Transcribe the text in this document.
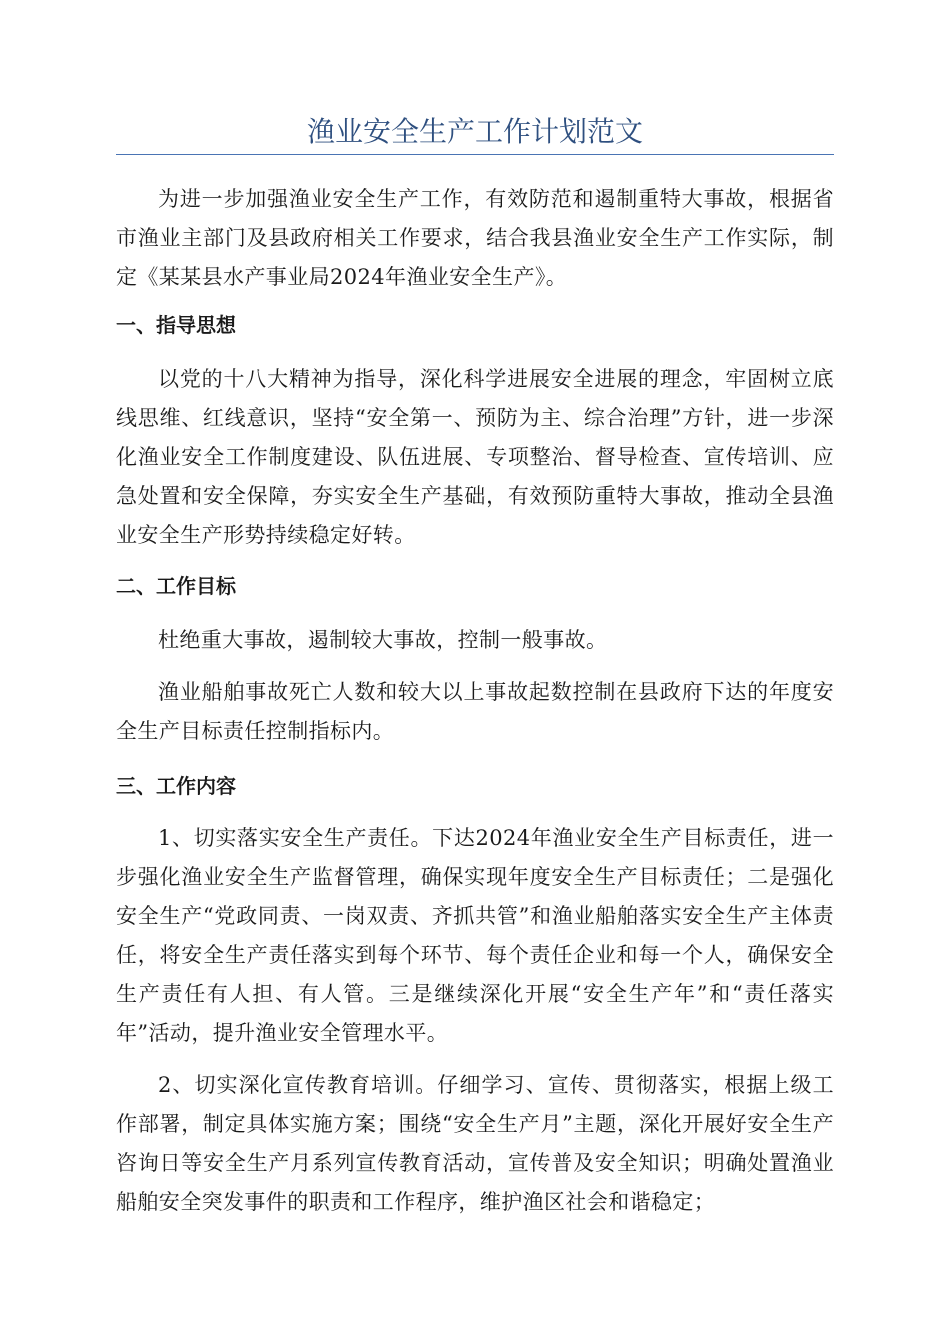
渔业安全生产工作计划范文

为进一步加强渔业安全生产工作，有效防范和遏制重特大事故，根据省市渔业主部门及县政府相关工作要求，结合我县渔业安全生产工作实际，制定《某某县水产事业局2024年渔业安全生产》。

一、指导思想

以党的十八大精神为指导，深化科学进展安全进展的理念，牢固树立底线思维、红线意识，坚持“安全第一、预防为主、综合治理”方针，进一步深化渔业安全工作制度建设、队伍进展、专项整治、督导检查、宣传培训、应急处置和安全保障，夯实安全生产基础，有效预防重特大事故，推动全县渔业安全生产形势持续稳定好转。

二、工作目标

杜绝重大事故，遏制较大事故，控制一般事故。

渔业船舶事故死亡人数和较大以上事故起数控制在县政府下达的年度安全生产目标责任控制指标内。

三、工作内容

1、切实落实安全生产责任。下达2024年渔业安全生产目标责任，进一步强化渔业安全生产监督管理，确保实现年度安全生产目标责任；二是强化安全生产“党政同责、一岗双责、齐抓共管”和渔业船舶落实安全生产主体责任，将安全生产责任落实到每个环节、每个责任企业和每一个人，确保安全生产责任有人担、有人管。三是继续深化开展“安全生产年”和“责任落实年”活动，提升渔业安全管理水平。

2、切实深化宣传教育培训。仔细学习、宣传、贯彻落实，根据上级工作部署，制定具体实施方案；围绕“安全生产月”主题，深化开展好安全生产咨询日等安全生产月系列宣传教育活动，宣传普及安全知识；明确处置渔业船舶安全突发事件的职责和工作程序，维护渔区社会和谐稳定；
